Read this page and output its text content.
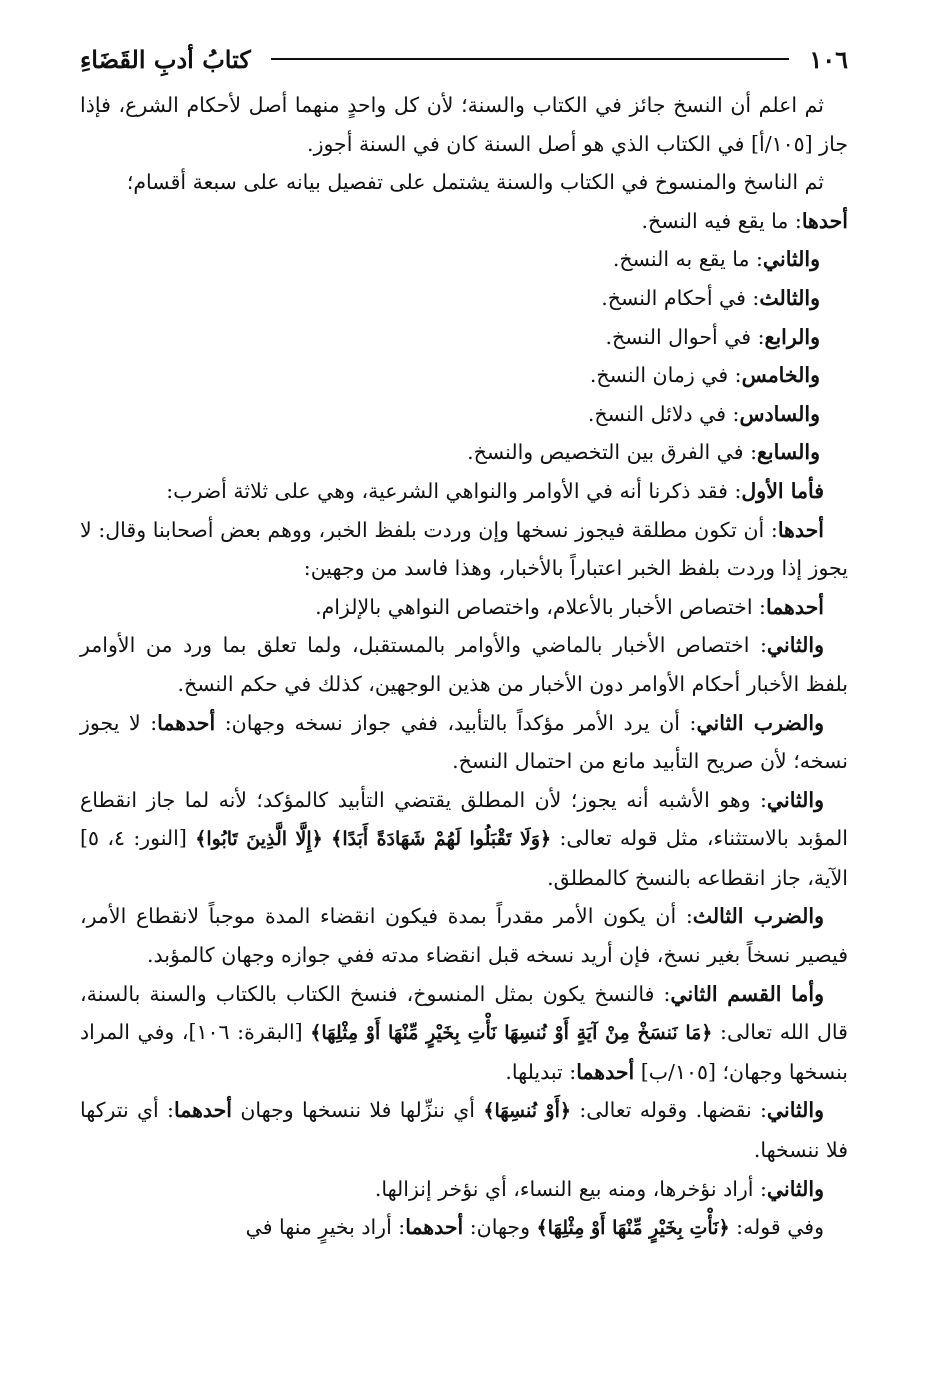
١٠٦
كتابُ أدبِ القَضَاءِ

ثم اعلم أن النسخ جائز في الكتاب والسنة؛ لأن كل واحدٍ منهما أصل لأحكام الشرع، فإذا جاز [١٠٥/أ] في الكتاب الذي هو أصل السنة كان في السنة أجوز.

ثم الناسخ والمنسوخ في الكتاب والسنة يشتمل على تفصيل بيانه على سبعة أقسام؛

أحدها: ما يقع فيه النسخ.

والثاني: ما يقع به النسخ.

والثالث: في أحكام النسخ.

والرابع: في أحوال النسخ.

والخامس: في زمان النسخ.

والسادس: في دلائل النسخ.

والسابع: في الفرق بين التخصيص والنسخ.

فأما الأول: فقد ذكرنا أنه في الأوامر والنواهي الشرعية، وهي على ثلاثة أضرب:

أحدها: أن تكون مطلقة فيجوز نسخها وإن وردت بلفظ الخبر، ووهم بعض أصحابنا وقال: لا يجوز إذا وردت بلفظ الخبر اعتباراً بالأخبار، وهذا فاسد من وجهين:

أحدهما: اختصاص الأخبار بالأعلام، واختصاص النواهي بالإلزام.

والثاني: اختصاص الأخبار بالماضي والأوامر بالمستقبل، ولما تعلق بما ورد من الأوامر بلفظ الأخبار أحكام الأوامر دون الأخبار من هذين الوجهين، كذلك في حكم النسخ.

والضرب الثاني: أن يرد الأمر مؤكداً بالتأبيد، ففي جواز نسخه وجهان: أحدهما: لا يجوز نسخه؛ لأن صريح التأبيد مانع من احتمال النسخ.

والثاني: وهو الأشبه أنه يجوز؛ لأن المطلق يقتضي التأبيد كالمؤكد؛ لأنه لما جاز انقطاع المؤبد بالاستثناء، مثل قوله تعالى: ﴿وَلَا تَقْبَلُوا لَهُمْ شَهَادَةً أَبَدًا﴾ ﴿إِلَّا الَّذِينَ تَابُوا﴾ [النور: ٤، ٥] الآية، جاز انقطاعه بالنسخ كالمطلق.

والضرب الثالث: أن يكون الأمر مقدراً بمدة فيكون انقضاء المدة موجباً لانقطاع الأمر، فيصير نسخاً بغير نسخ، فإن أريد نسخه قبل انقضاء مدته ففي جوازه وجهان كالمؤبد.

وأما القسم الثاني: فالنسخ يكون بمثل المنسوخ، فنسخ الكتاب بالكتاب والسنة بالسنة، قال الله تعالى: ﴿مَا نَنسَخْ مِنْ آيَةٍ أَوْ نُنسِهَا نَأْتِ بِخَيْرٍ مِّنْهَا أَوْ مِثْلِهَا﴾ [البقرة: ١٠٦]، وفي المراد بنسخها وجهان؛ [١٠٥/ب] أحدهما: تبديلها.

والثاني: نقضها. وقوله تعالى: ﴿أَوْ نُنسِهَا﴾ أي ننزِّلها فلا ننسخها وجهان أحدهما: أي نتركها فلا ننسخها.

والثاني: أراد نؤخرها، ومنه بيع النساء، أي نؤخر إنزالها.

وفي قوله: ﴿نَأْتِ بِخَيْرٍ مِّنْهَا أَوْ مِثْلِهَا﴾ وجهان: أحدهما: أراد بخيرٍ منها في
